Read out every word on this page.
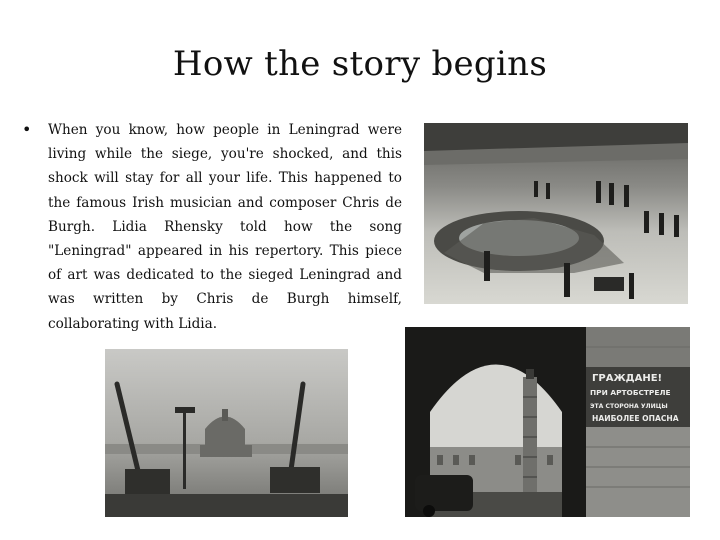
How the story begins
• When you know, how people in Leningrad were living while the siege, you're shocked, and this shock will stay for all your life. This happened to the famous Irish musician and composer Chris de Burgh. Lidia Rhensky told how the song "Leningrad" appeared in his repertory. This piece of art was dedicated to the sieged Leningrad and was written by Chris de Burgh himself, collaborating with Lidia.
ГРАЖДАНЕ!
ПРИ АРТОБСТРЕЛЕ
ЭТА СТОРОНА УЛИЦЫ
НАИБОЛЕЕ ОПАСНА
